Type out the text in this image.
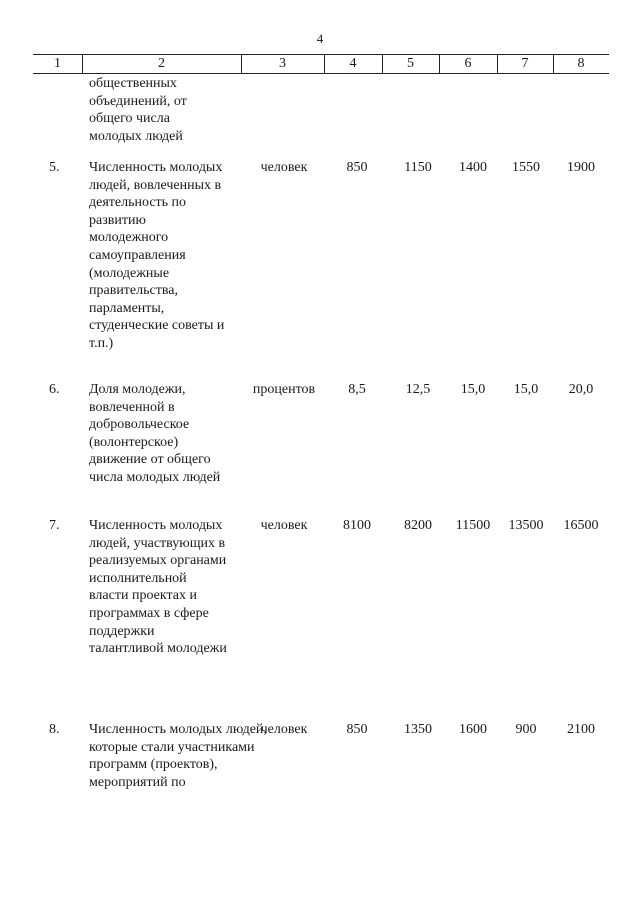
4
1	2	3	4	5	6	7	8
общественных объединений, от общего числа молодых людей
5. Численность молодых людей, вовлеченных в деятельность по развитию молодежного самоуправления (молодежные правительства, парламенты, студенческие советы и т.п.)
человек	850	1150	1400	1550	1900
6. Доля молодежи, вовлеченной в добровольческое (волонтерское) движение от общего числа молодых людей
процентов	8,5	12,5	15,0	15,0	20,0
7. Численность молодых людей, участвующих в реализуемых органами исполнительной власти проектах и программах в сфере поддержки талантливой молодежи
человек	8100	8200	11500	13500	16500
8. Численность молодых людей, которые стали участниками программ (проектов), мероприятий по
человек	850	1350	1600	900	2100
